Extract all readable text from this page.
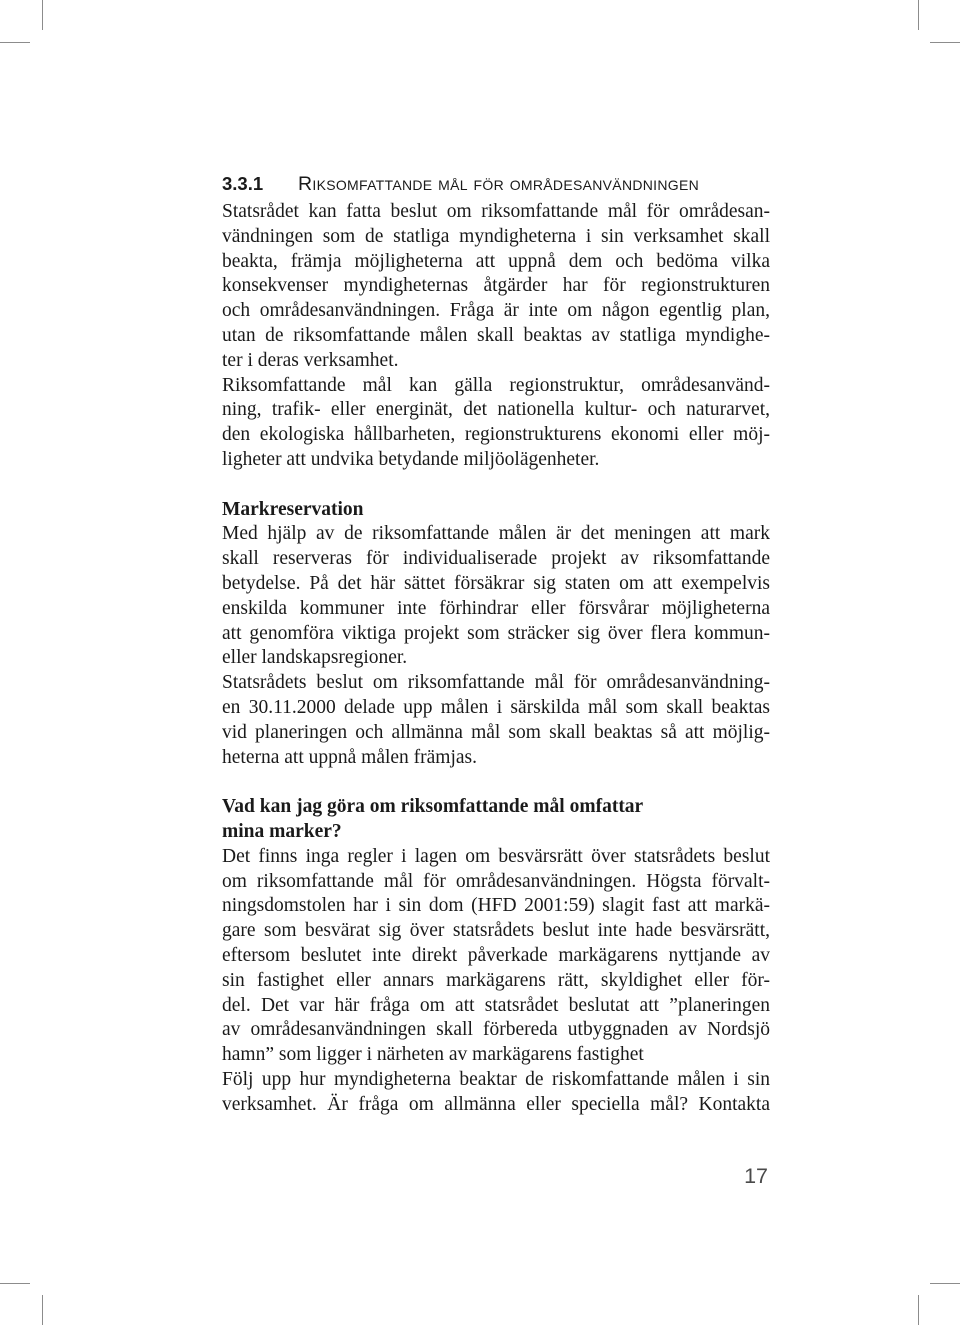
3.3.1 Riksomfattande mål för områdesanvändningen
Statsrådet kan fatta beslut om riksomfattande mål för områdesan-
vändningen som de statliga myndigheterna i sin verksamhet skall
beakta, främja möjligheterna att uppnå dem och bedöma vilka
konsekvenser myndigheternas åtgärder har för regionstrukturen
och områdesanvändningen. Fråga är inte om någon egentlig plan,
utan de riksomfattande målen skall beaktas av statliga myndighe-
ter i deras verksamhet.
Riksomfattande mål kan gälla regionstruktur, områdesanvänd-
ning, trafik- eller energinät, det nationella kultur- och naturarvet,
den ekologiska hållbarheten, regionstrukturens ekonomi eller möj-
ligheter att undvika betydande miljöolägenheter.
Markreservation
Med hjälp av de riksomfattande målen är det meningen att mark
skall reserveras för individualiserade projekt av riksomfattande
betydelse. På det här sättet försäkrar sig staten om att exempelvis
enskilda kommuner inte förhindrar eller försvårar möjligheterna
att genomföra viktiga projekt som sträcker sig över flera kommun-
eller landskapsregioner.
Statsrådets beslut om riksomfattande mål för områdesanvändning-
en 30.11.2000 delade upp målen i särskilda mål som skall beaktas
vid planeringen och allmänna mål som skall beaktas så att möjlig-
heterna att uppnå målen främjas.
Vad kan jag göra om riksomfattande mål omfattar
mina marker?
Det finns inga regler i lagen om besvärsrätt över statsrådets beslut
om riksomfattande mål för områdesanvändningen. Högsta förvalt-
ningsdomstolen har i sin dom (HFD 2001:59) slagit fast att markä-
gare som besvärat sig över statsrådets beslut inte hade besvärsrätt,
eftersom beslutet inte direkt påverkade markägarens nyttjande av
sin fastighet eller annars markägarens rätt, skyldighet eller för-
del. Det var här fråga om att statsrådet beslutat att ”planeringen
av områdesanvändningen skall förbereda utbyggnaden av Nordsjö
hamn” som ligger i närheten av markägarens fastighet
Följ upp hur myndigheterna beaktar de riskomfattande målen i sin
verksamhet. Är fråga om allmänna eller speciella mål? Kontakta
17
